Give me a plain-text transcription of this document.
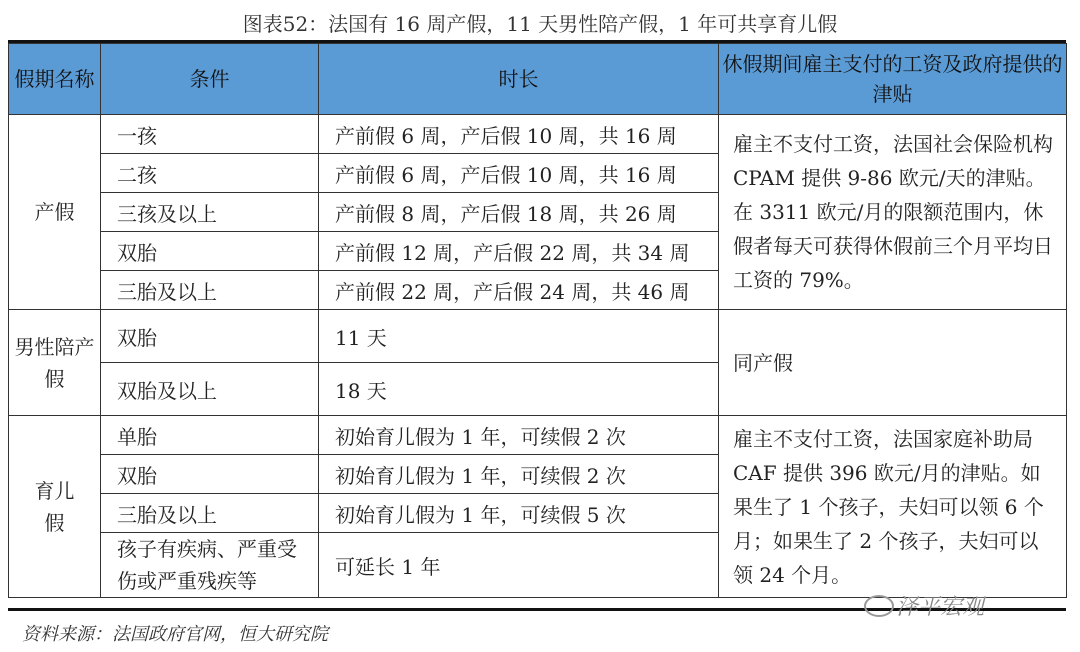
图表52：法国有 16 周产假，11 天男性陪产假，1 年可共享育儿假
假期名称	条件	时长	休假期间雇主支付的工资及政府提供的津贴
产假	一孩	产前假 6 周，产后假 10 周，共 16 周	雇主不支付工资，法国社会保险机构 CPAM 提供 9-86 欧元/天的津贴。在 3311 欧元/月的限额范围内，休假者每天可获得休假前三个月平均日工资的 79%。
	二孩	产前假 6 周，产后假 10 周，共 16 周	
	三孩及以上	产前假 8 周，产后假 18 周，共 26 周	
	双胎	产前假 12 周，产后假 22 周，共 34 周	
	三胎及以上	产前假 22 周，产后假 24 周，共 46 周	
男性陪产假	双胎	11 天	同产假
	双胎及以上	18 天	
育儿假	单胎	初始育儿假为 1 年，可续假 2 次	雇主不支付工资，法国家庭补助局 CAF 提供 396 欧元/月的津贴。如果生了 1 个孩子，夫妇可以领 6 个月；如果生了 2 个孩子，夫妇可以领 24 个月。
	双胎	初始育儿假为 1 年，可续假 2 次	
	三胎及以上	初始育儿假为 1 年，可续假 5 次	
	孩子有疾病、严重受伤或严重残疾等	可延长 1 年	
泽平宏观
资料来源：法国政府官网，恒大研究院
